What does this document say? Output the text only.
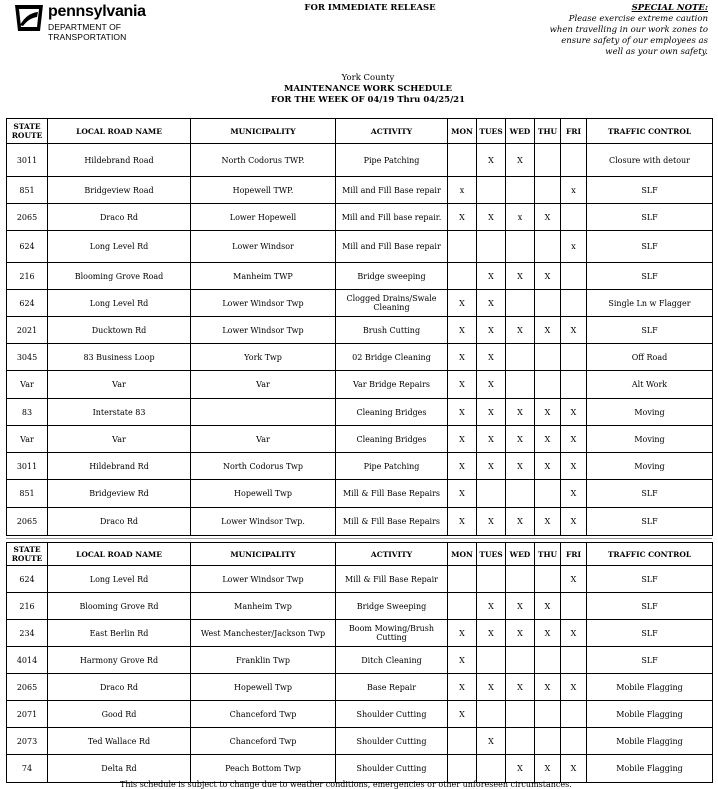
pennsylvania
DEPARTMENT OF TRANSPORTATION
FOR IMMEDIATE RELEASE	SPECIAL NOTE:
Please exercise extreme caution
when travelling in our work zones to
ensure safety of our employees as
well as your own safety.
York County
MAINTENANCE WORK SCHEDULE
FOR THE WEEK OF 04/19 Thru 04/25/21
STATE ROUTE	LOCAL ROAD NAME	MUNICIPALITY	ACTIVITY	MON	TUES	WED	THU	FRI	TRAFFIC CONTROL
3011	Hildebrand Road	North Codorus TWP.	Pipe Patching		X	X			Closure with detour
851	Bridgeview Road	Hopewell TWP.	Mill and Fill Base repair	x				x	SLF
2065	Draco Rd	Lower Hopewell	Mill and Fill base repair.	X	X	x	X		SLF
624	Long Level Rd	Lower Windsor	Mill and Fill Base repair					x	SLF
216	Blooming Grove Road	Manheim TWP	Bridge sweeping		X	X	X		SLF
624	Long Level Rd	Lower Windsor Twp	Clogged Drains/Swale Cleaning	X	X				Single Ln w Flagger
2021	Ducktown Rd	Lower Windsor Twp	Brush Cutting	X	X	X	X	X	SLF
3045	83 Business Loop	York Twp	02 Bridge Cleaning	X	X				Off Road
Var	Var	Var	Var Bridge Repairs	X	X				Alt Work
83	Interstate 83		Cleaning Bridges	X	X	X	X	X	Moving
Var	Var	Var	Cleaning Bridges	X	X	X	X	X	Moving
3011	Hildebrand Rd	North Codorus Twp	Pipe Patching	X	X	X	X	X	Moving
851	Bridgeview Rd	Hopewell Twp	Mill & Fill Base Repairs	X				X	SLF
2065	Draco Rd	Lower Windsor Twp.	Mill & Fill Base Repairs	X	X	X	X	X	SLF
STATE ROUTE	LOCAL ROAD NAME	MUNICIPALITY	ACTIVITY	MON	TUES	WED	THU	FRI	TRAFFIC CONTROL
624	Long Level Rd	Lower Windsor Twp	Mill & Fill Base Repair					X	SLF
216	Blooming Grove Rd	Manheim Twp	Bridge Sweeping		X	X	X		SLF
234	East Berlin Rd	West Manchester/Jackson Twp	Boom Mowing/Brush Cutting	X	X	X	X	X	SLF
4014	Harmony Grove Rd	Franklin Twp	Ditch Cleaning	X					SLF
2065	Draco Rd	Hopewell Twp	Base Repair	X	X	X	X	X	Mobile Flagging
2071	Good Rd	Chanceford Twp	Shoulder Cutting	X					Mobile Flagging
2073	Ted Wallace Rd	Chanceford Twp	Shoulder Cutting		X				Mobile Flagging
74	Delta Rd	Peach Bottom Twp	Shoulder Cutting			X	X	X	Mobile Flagging
This schedule is subject to change due to weather conditions, emergencies or other unforeseen circumstances.
